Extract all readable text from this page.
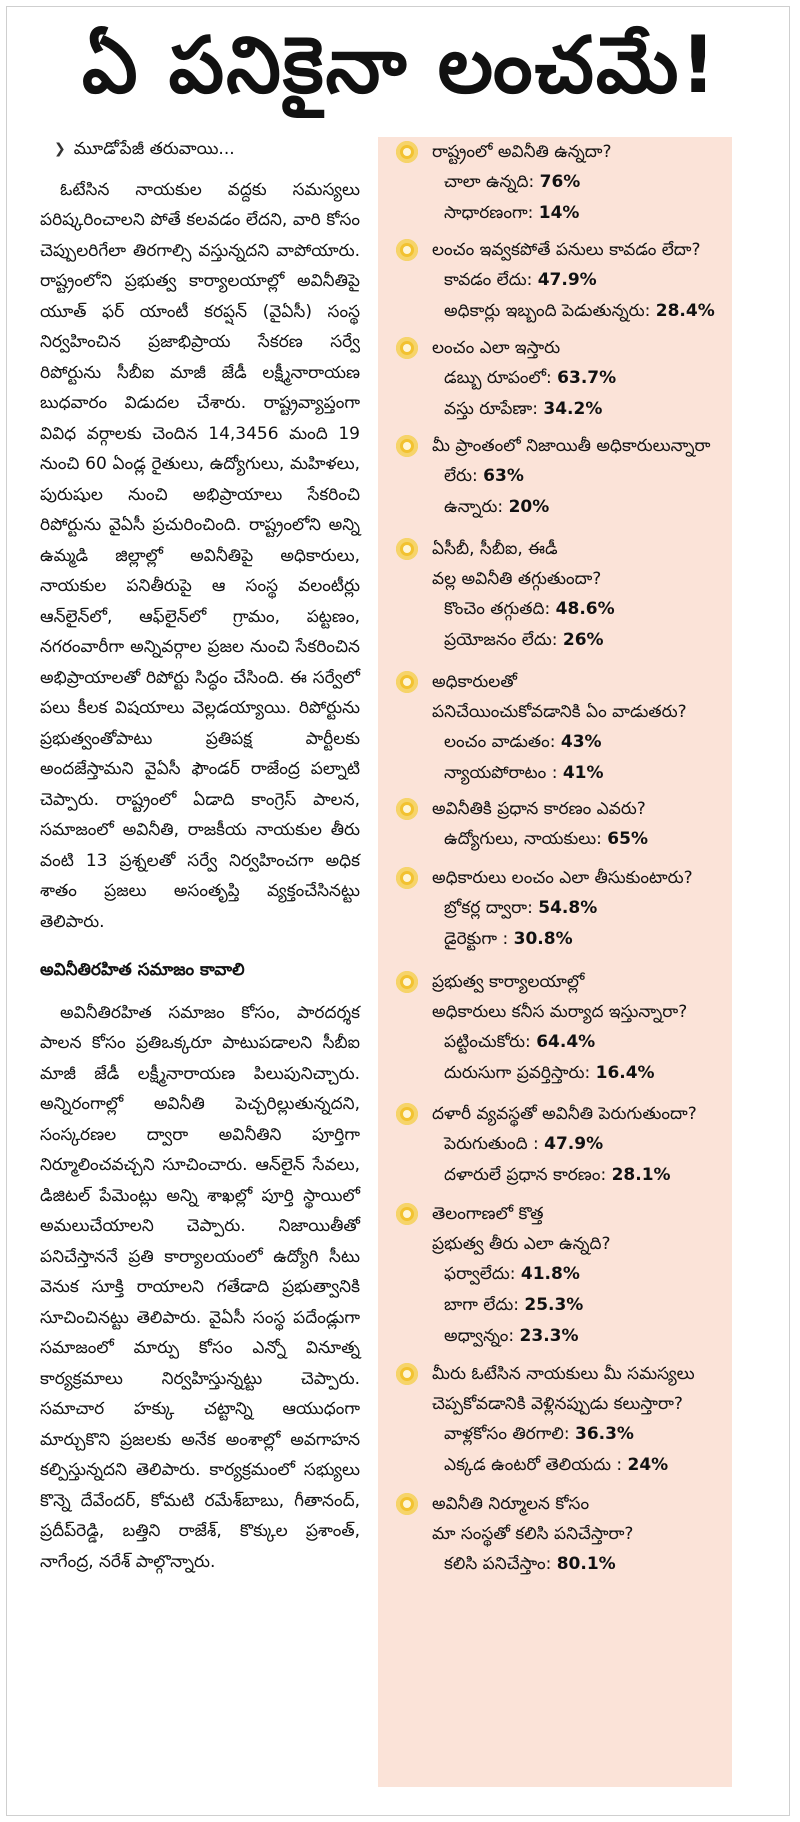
ఏ పనికైనా లంచమే!
❯ మూడోపేజీ తరువాయి...

ఓటేసిన నాయకుల వద్దకు సమస్యలు పరిష్కరించాలని పోతే కలవడం లేదని, వారి కోసం చెప్పులరిగేలా తిరగాల్సి వస్తున్నదని వాపోయారు. రాష్ట్రంలోని ప్రభుత్వ కార్యాలయాల్లో అవినీతిపై యూత్ ఫర్ యాంటీ కరప్షన్ (వైఏసీ) సంస్థ నిర్వహించిన ప్రజాభిప్రాయ సేకరణ సర్వే రిపోర్టును సీబీఐ మాజీ జేడీ లక్ష్మీనారాయణ బుధవారం విడుదల చేశారు. రాష్ట్రవ్యాప్తంగా వివిధ వర్గాలకు చెందిన 14,3456 మంది 19 నుంచి 60 ఏండ్ల రైతులు, ఉద్యోగులు, మహిళలు, పురుషుల నుంచి అభిప్రాయాలు సేకరించి రిపోర్టును వైఏసీ ప్రచురించింది. రాష్ట్రంలోని అన్ని ఉమ్మడి జిల్లాల్లో అవినీతిపై అధికారులు, నాయకుల పనితీరుపై ఆ సంస్థ వలంటీర్లు ఆన్‌లైన్‌లో, ఆఫ్‌లైన్‌లో గ్రామం, పట్టణం, నగరంవారీగా అన్నివర్గాల ప్రజల నుంచి సేకరించిన అభిప్రాయాలతో రిపోర్టు సిద్ధం చేసింది. ఈ సర్వేలో పలు కీలక విషయాలు వెల్లడయ్యాయి. రిపోర్టును ప్రభుత్వంతోపాటు ప్రతిపక్ష పార్టీలకు అందజేస్తామని వైఏసీ ఫౌండర్ రాజేంద్ర పల్నాటి చెప్పారు. రాష్ట్రంలో ఏడాది కాంగ్రెస్ పాలన, సమాజంలో అవినీతి, రాజకీయ నాయకుల తీరు వంటి 13 ప్రశ్నలతో సర్వే నిర్వహించగా అధిక శాతం ప్రజలు అసంతృప్తి వ్యక్తంచేసినట్టు తెలిపారు.

అవినీతిరహిత సమాజం కావాలి

అవినీతిరహిత సమాజం కోసం, పారదర్శక పాలన కోసం ప్రతిఒక్కరూ పాటుపడాలని సీబీఐ మాజీ జేడీ లక్ష్మీనారాయణ పిలుపునిచ్చారు. అన్నిరంగాల్లో అవినీతి పెచ్చరిల్లుతున్నదని, సంస్కరణల ద్వారా అవినీతిని పూర్తిగా నిర్మూలించవచ్చని సూచించారు. ఆన్‌లైన్ సేవలు, డిజిటల్ పేమెంట్లు అన్ని శాఖల్లో పూర్తి స్థాయిలో అమలుచేయాలని చెప్పారు. నిజాయితీతో పనిచేస్తాననే ప్రతి కార్యాలయంలో ఉద్యోగి సీటు వెనుక సూక్తి రాయాలని గతేడాది ప్రభుత్వానికి సూచించినట్టు తెలిపారు. వైఏసీ సంస్థ పదేండ్లుగా సమాజంలో మార్పు కోసం ఎన్నో వినూత్న కార్యక్రమాలు నిర్వహిస్తున్నట్టు చెప్పారు. సమాచార హక్కు చట్టాన్ని ఆయుధంగా మార్చుకొని ప్రజలకు అనేక అంశాల్లో అవగాహన కల్పిస్తున్నదని తెలిపారు. కార్యక్రమంలో సభ్యులు కొన్నె దేవేందర్, కోమటి రమేశ్‌బాబు, గీతానంద్, ప్రదీప్‌రెడ్డి, బత్తిని రాజేశ్, కొక్కుల ప్రశాంత్, నాగేంద్ర, నరేశ్ పాల్గొన్నారు.

రాష్ట్రంలో అవినీతి ఉన్నదా?
చాలా ఉన్నది: 76%
సాధారణంగా: 14%
లంచం ఇవ్వకపోతే పనులు కావడం లేదా?
కావడం లేదు: 47.9%
అధికార్లు ఇబ్బంది పెడుతున్నరు: 28.4%
లంచం ఎలా ఇస్తారు
డబ్బు రూపంలో: 63.7%
వస్తు రూపేణా: 34.2%
మీ ప్రాంతంలో నిజాయితీ అధికారులున్నారా
లేరు: 63%
ఉన్నారు: 20%
ఏసీబీ, సీబీఐ, ఈడీ
వల్ల అవినీతి తగ్గుతుందా?
కొంచెం తగ్గుతది: 48.6%
ప్రయోజనం లేదు: 26%
అధికారులతో
పనిచేయించుకోవడానికి ఏం వాడుతరు?
లంచం వాడుతం: 43%
న్యాయపోరాటం : 41%
అవినీతికి ప్రధాన కారణం ఎవరు?
ఉద్యోగులు, నాయకులు: 65%
అధికారులు లంచం ఎలా తీసుకుంటారు?
బ్రోకర్ల ద్వారా: 54.8%
డైరెక్టుగా : 30.8%
ప్రభుత్వ కార్యాలయాల్లో
అధికారులు కనీస మర్యాద ఇస్తున్నారా?
పట్టించుకోరు: 64.4%
దురుసుగా ప్రవర్తిస్తారు: 16.4%
దళారీ వ్యవస్థతో అవినీతి పెరుగుతుందా?
పెరుగుతుంది : 47.9%
దళారులే ప్రధాన కారణం: 28.1%
తెలంగాణలో కొత్త
ప్రభుత్వ తీరు ఎలా ఉన్నది?
ఫర్వాలేదు: 41.8%
బాగా లేదు: 25.3%
అధ్వాన్నం: 23.3%
మీరు ఓటేసిన నాయకులు మీ సమస్యలు
చెప్పకోవడానికి వెళ్లినప్పుడు కలుస్తారా?
వాళ్లకోసం తిరగాలి: 36.3%
ఎక్కడ ఉంటరో తెలియదు : 24%
అవినీతి నిర్మూలన కోసం
మా సంస్థతో కలిసి పనిచేస్తారా?
కలిసి పనిచేస్తాం: 80.1%
